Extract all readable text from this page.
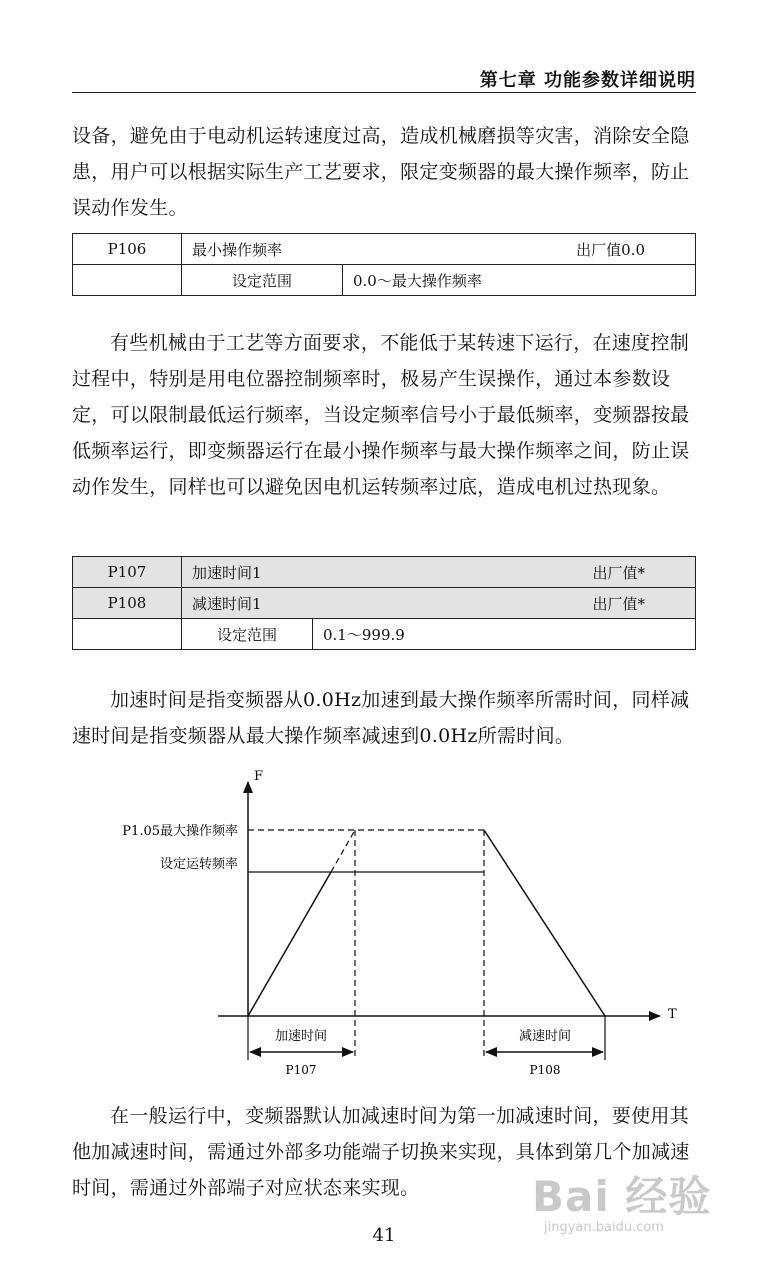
第七章 功能参数详细说明

设备，避免由于电动机运转速度过高，造成机械磨损等灾害，消除安全隐患，用户可以根据实际生产工艺要求，限定变频器的最大操作频率，防止误动作发生。

P106	最小操作频率 出厂值0.0	

	设定范围	0.0～最大操作频率

有些机械由于工艺等方面要求，不能低于某转速下运行，在速度控制过程中，特别是用电位器控制频率时，极易产生误操作，通过本参数设定，可以限制最低运行频率，当设定频率信号小于最低频率，变频器按最低频率运行，即变频器运行在最小操作频率与最大操作频率之间，防止误动作发生，同样也可以避免因电机运转频率过底，造成电机过热现象。

P107	加速时间1 出厂值*	

P108	减速时间1 出厂值*	

	设定范围	0.1～999.9

加速时间是指变频器从0.0Hz加速到最大操作频率所需时间，同样减速时间是指变频器从最大操作频率减速到0.0Hz所需时间。

F
T
P1.05最大操作频率
设定运转频率
加速时间	减速时间
P107	P108

在一般运行中，变频器默认加减速时间为第一加减速时间，要使用其他加减速时间，需通过外部多功能端子切换来实现，具体到第几个加减速时间，需通过外部端子对应状态来实现。	Bai 经验
jingyan.baidu.com
41
